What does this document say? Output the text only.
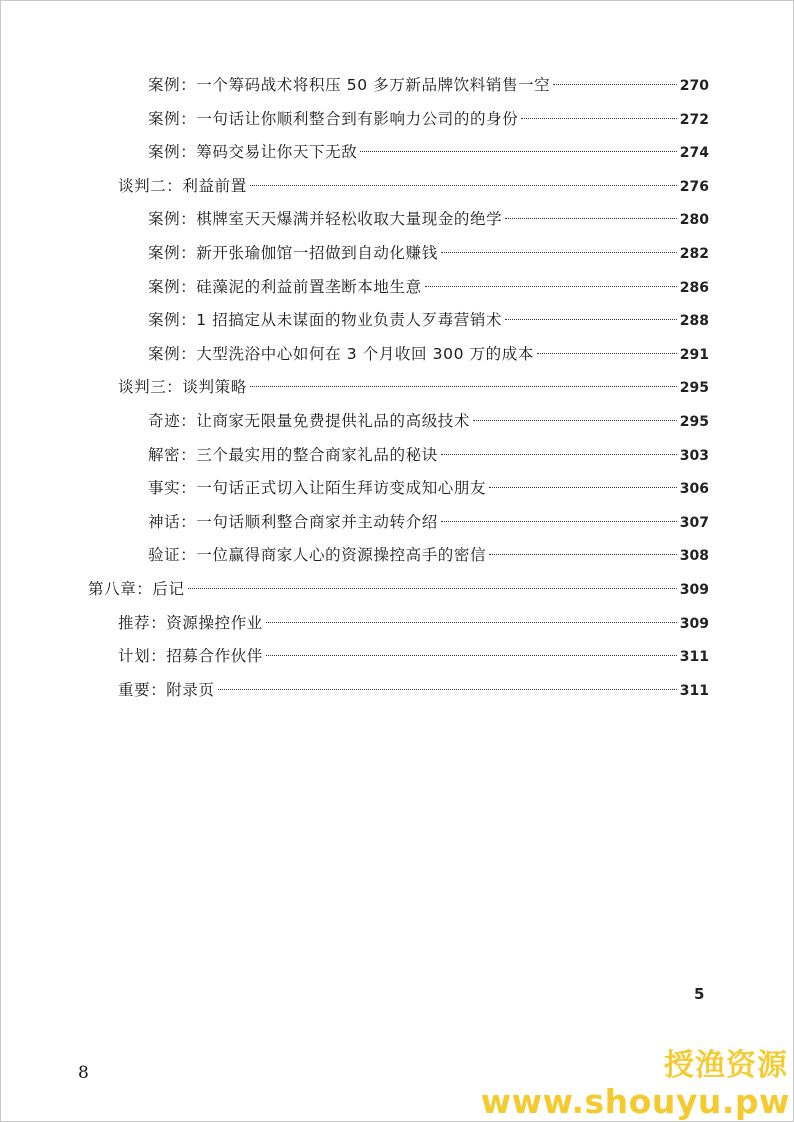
案例：一个筹码战术将积压 50 多万新品牌饮料销售一空	270
案例：一句话让你顺利整合到有影响力公司的的身份	272
案例：筹码交易让你天下无敌	274
谈判二：利益前置	276
案例：棋牌室天天爆满并轻松收取大量现金的绝学	280
案例：新开张瑜伽馆一招做到自动化赚钱	282
案例：硅藻泥的利益前置垄断本地生意	286
案例：1 招搞定从未谋面的物业负责人歹毒营销术	288
案例：大型洗浴中心如何在 3 个月收回 300 万的成本	291
谈判三：谈判策略	295
奇迹：让商家无限量免费提供礼品的高级技术	295
解密：三个最实用的整合商家礼品的秘诀	303
事实：一句话正式切入让陌生拜访变成知心朋友	306
神话：一句话顺利整合商家并主动转介绍	307
验证：一位赢得商家人心的资源操控高手的密信	308
第八章：后记	309
推荐：资源操控作业	309
计划：招募合作伙伴	311
重要：附录页	311
5
8	授渔资源
www.shouyu.pw
